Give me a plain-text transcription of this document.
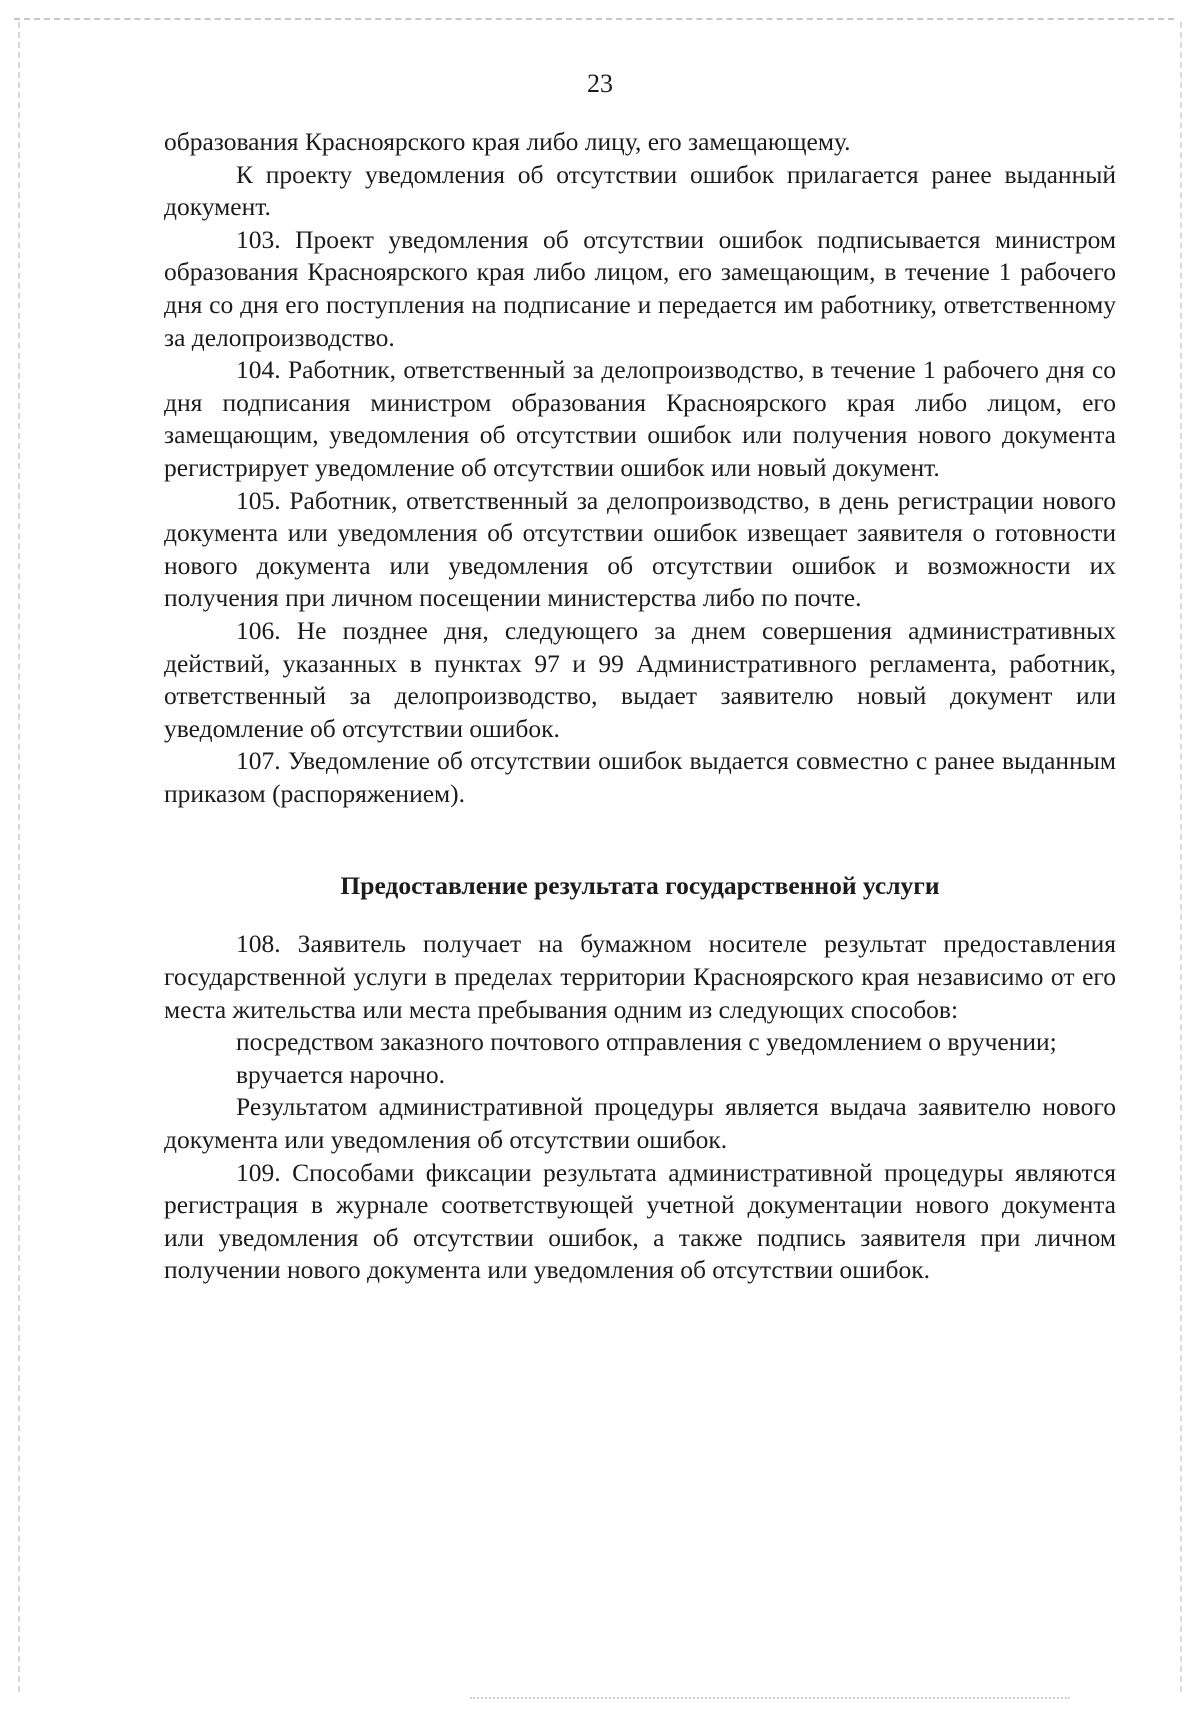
23

образования Красноярского края либо лицу, его замещающему.

К проекту уведомления об отсутствии ошибок прилагается ранее выданный документ.

103. Проект уведомления об отсутствии ошибок подписывается министром образования Красноярского края либо лицом, его замещающим, в течение 1 рабочего дня со дня его поступления на подписание и передается им работнику, ответственному за делопроизводство.

104. Работник, ответственный за делопроизводство, в течение 1 рабочего дня со дня подписания министром образования Красноярского края либо лицом, его замещающим, уведомления об отсутствии ошибок или получения нового документа регистрирует уведомление об отсутствии ошибок или новый документ.

105. Работник, ответственный за делопроизводство, в день регистрации нового документа или уведомления об отсутствии ошибок извещает заявителя о готовности нового документа или уведомления об отсутствии ошибок и возможности их получения при личном посещении министерства либо по почте.

106. Не позднее дня, следующего за днем совершения административных действий, указанных в пунктах 97 и 99 Административного регламента, работник, ответственный за делопроизводство, выдает заявителю новый документ или уведомление об отсутствии ошибок.

107. Уведомление об отсутствии ошибок выдается совместно с ранее выданным приказом (распоряжением).

Предоставление результата государственной услуги

108. Заявитель получает на бумажном носителе результат предоставления государственной услуги в пределах территории Красноярского края независимо от его места жительства или места пребывания одним из следующих способов:

посредством заказного почтового отправления с уведомлением о вручении;

вручается нарочно.

Результатом административной процедуры является выдача заявителю нового документа или уведомления об отсутствии ошибок.

109. Способами фиксации результата административной процедуры являются регистрация в журнале соответствующей учетной документации нового документа или уведомления об отсутствии ошибок, а также подпись заявителя при личном получении нового документа или уведомления об отсутствии ошибок.
